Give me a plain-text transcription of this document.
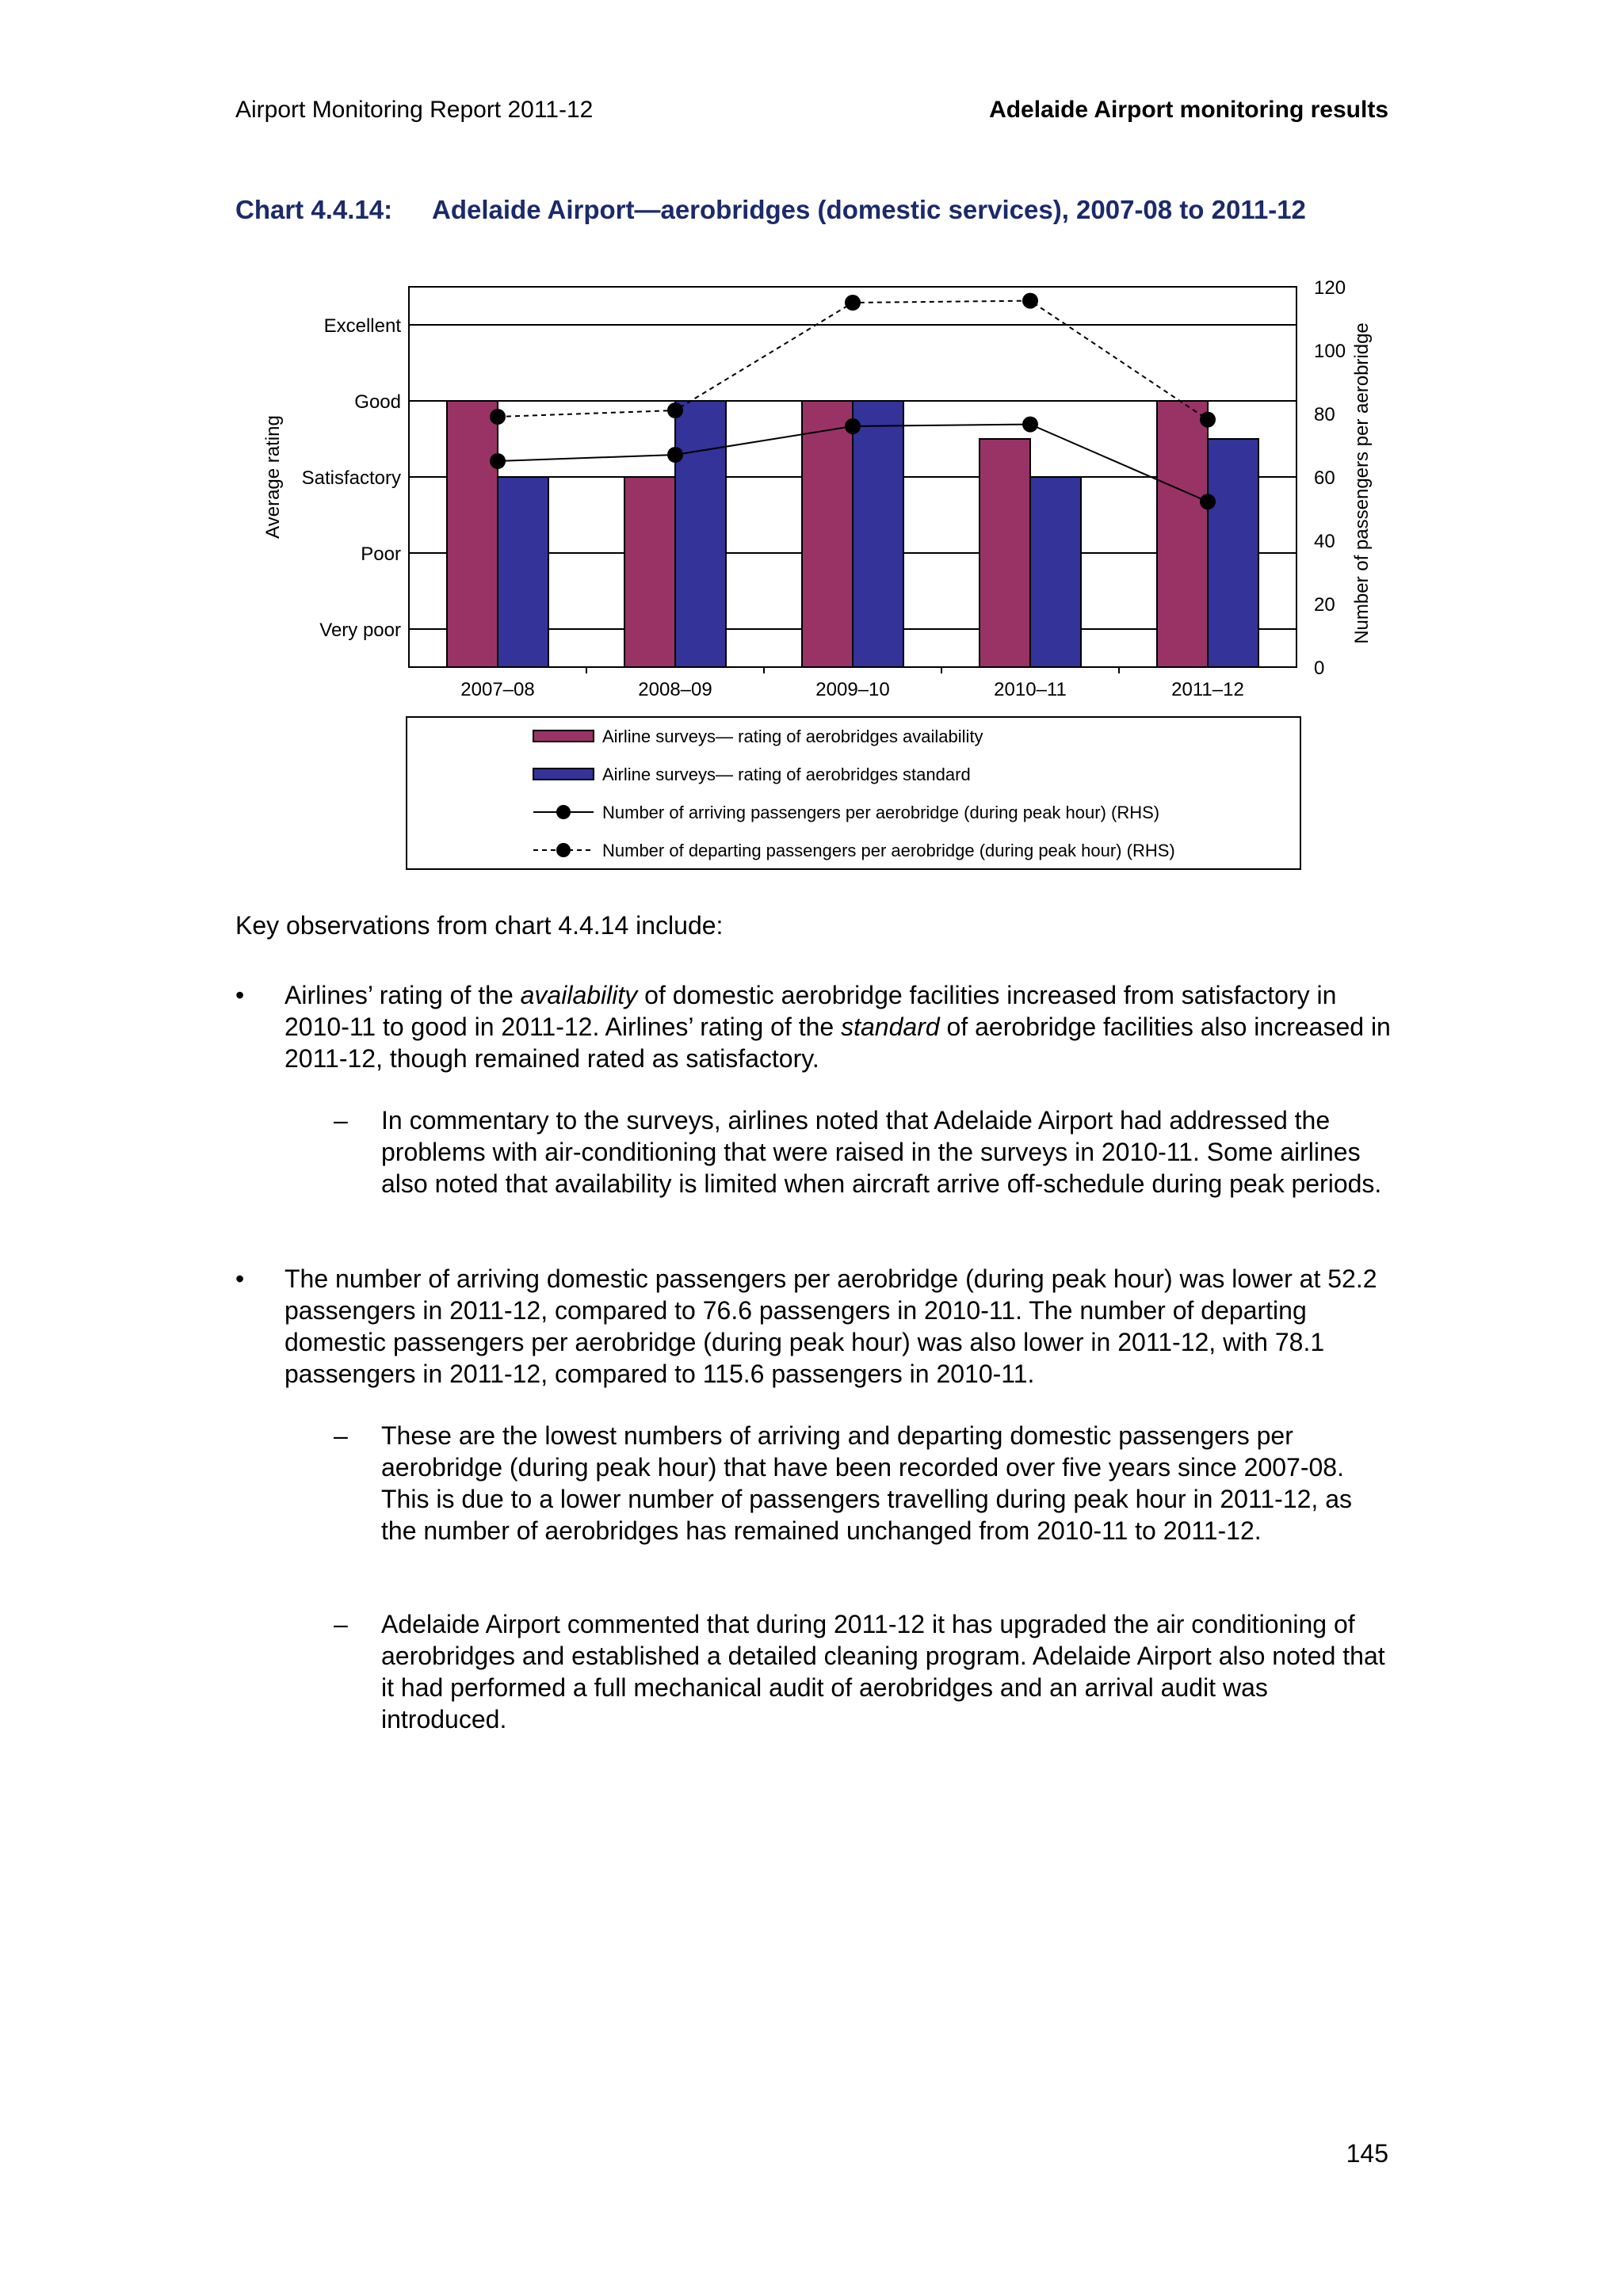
Airport Monitoring Report 2011-12	Adelaide Airport monitoring results
Chart 4.4.14: Adelaide Airport—aerobridges (domestic services), 2007-08 to 2011-12
Very poor
Poor
Satisfactory
Good
Excellent
2007–08	2008–09	2009–10	2010–11	2011–12
0
20
40
60
80
100
120
Average rating	Number of passengers per aerobridge
Airline surveys— rating of aerobridges availability
Airline surveys— rating of aerobridges standard
Number of arriving passengers per aerobridge (during peak hour) (RHS)
Number of departing passengers per aerobridge (during peak hour) (RHS)
Key observations from chart 4.4.14 include:
• Airlines’ rating of the availability of domestic aerobridge facilities increased from satisfactory in 2010-11 to good in 2011-12. Airlines’ rating of the standard of aerobridge facilities also increased in 2011-12, though remained rated as satisfactory.
– In commentary to the surveys, airlines noted that Adelaide Airport had addressed the problems with air-conditioning that were raised in the surveys in 2010-11. Some airlines also noted that availability is limited when aircraft arrive off-schedule during peak periods.
• The number of arriving domestic passengers per aerobridge (during peak hour) was lower at 52.2 passengers in 2011-12, compared to 76.6 passengers in 2010-11. The number of departing domestic passengers per aerobridge (during peak hour) was also lower in 2011-12, with 78.1 passengers in 2011-12, compared to 115.6 passengers in 2010-11.
– These are the lowest numbers of arriving and departing domestic passengers per aerobridge (during peak hour) that have been recorded over five years since 2007-08. This is due to a lower number of passengers travelling during peak hour in 2011-12, as the number of aerobridges has remained unchanged from 2010-11 to 2011-12.
– Adelaide Airport commented that during 2011-12 it has upgraded the air conditioning of aerobridges and established a detailed cleaning program. Adelaide Airport also noted that it had performed a full mechanical audit of aerobridges and an arrival audit was introduced.
145
